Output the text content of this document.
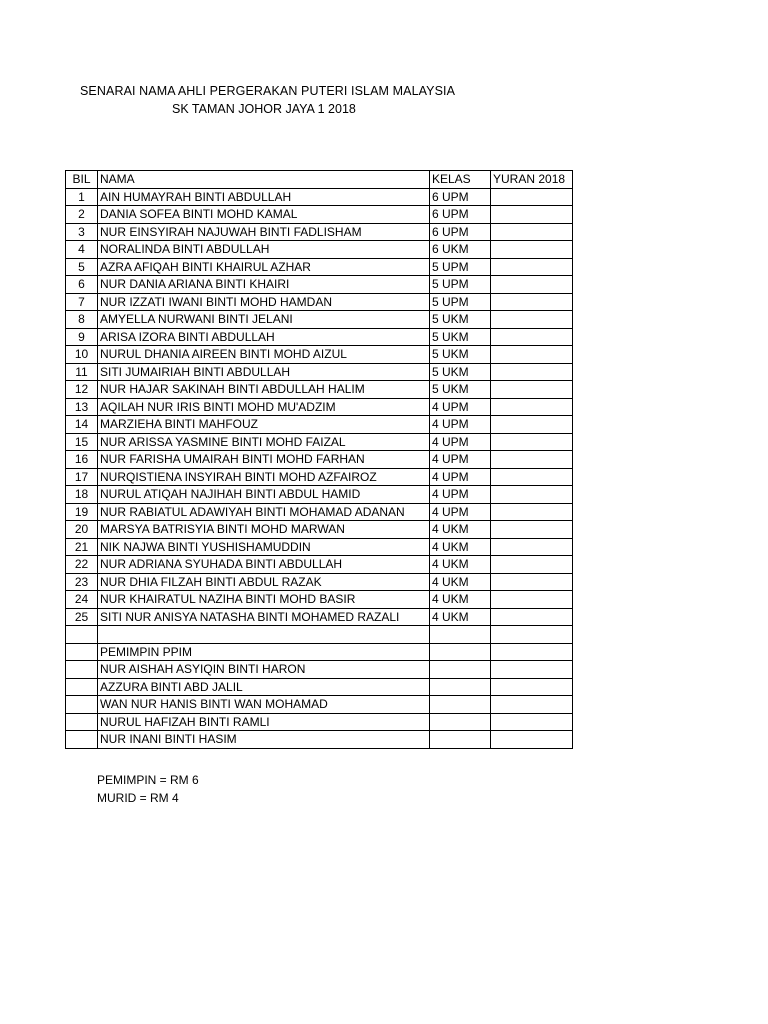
SENARAI NAMA AHLI PERGERAKAN PUTERI ISLAM MALAYSIA
SK TAMAN JOHOR JAYA 1 2018
BIL	NAMA	KELAS	YURAN 2018
1	AIN HUMAYRAH BINTI ABDULLAH	6 UPM	
2	DANIA SOFEA BINTI MOHD KAMAL	6 UPM	
3	NUR EINSYIRAH NAJUWAH BINTI FADLISHAM	6 UPM	
4	NORALINDA BINTI ABDULLAH	6 UKM	
5	AZRA AFIQAH BINTI KHAIRUL AZHAR	5 UPM	
6	NUR DANIA ARIANA BINTI KHAIRI	5 UPM	
7	NUR IZZATI IWANI BINTI MOHD HAMDAN	5 UPM	
8	AMYELLA NURWANI BINTI JELANI	5 UKM	
9	ARISA IZORA BINTI ABDULLAH	5 UKM	
10	NURUL DHANIA AIREEN BINTI MOHD AIZUL	5 UKM	
11	SITI JUMAIRIAH BINTI ABDULLAH	5 UKM	
12	NUR HAJAR SAKINAH BINTI ABDULLAH HALIM	5 UKM	
13	AQILAH NUR IRIS BINTI MOHD MU'ADZIM	4 UPM	
14	MARZIEHA BINTI MAHFOUZ	4 UPM	
15	NUR ARISSA YASMINE BINTI MOHD FAIZAL	4 UPM	
16	NUR FARISHA UMAIRAH BINTI MOHD FARHAN	4 UPM	
17	NURQISTIENA INSYIRAH BINTI MOHD AZFAIROZ	4 UPM	
18	NURUL ATIQAH NAJIHAH BINTI ABDUL HAMID	4 UPM	
19	NUR RABIATUL ADAWIYAH BINTI MOHAMAD ADANAN	4 UPM	
20	MARSYA BATRISYIA BINTI MOHD MARWAN	4 UKM	
21	NIK NAJWA BINTI YUSHISHAMUDDIN	4 UKM	
22	NUR ADRIANA SYUHADA BINTI ABDULLAH	4 UKM	
23	NUR DHIA FILZAH BINTI ABDUL RAZAK	4 UKM	
24	NUR KHAIRATUL NAZIHA BINTI MOHD BASIR	4 UKM	
25	SITI NUR ANISYA NATASHA BINTI MOHAMED RAZALI	4 UKM	

	PEMIMPIN PPIM		
	NUR AISHAH ASYIQIN BINTI HARON		
	AZZURA BINTI ABD JALIL		
	WAN NUR HANIS BINTI WAN MOHAMAD		
	NURUL HAFIZAH BINTI RAMLI		
	NUR INANI BINTI HASIM		
PEMIMPIN = RM 6
MURID = RM 4
